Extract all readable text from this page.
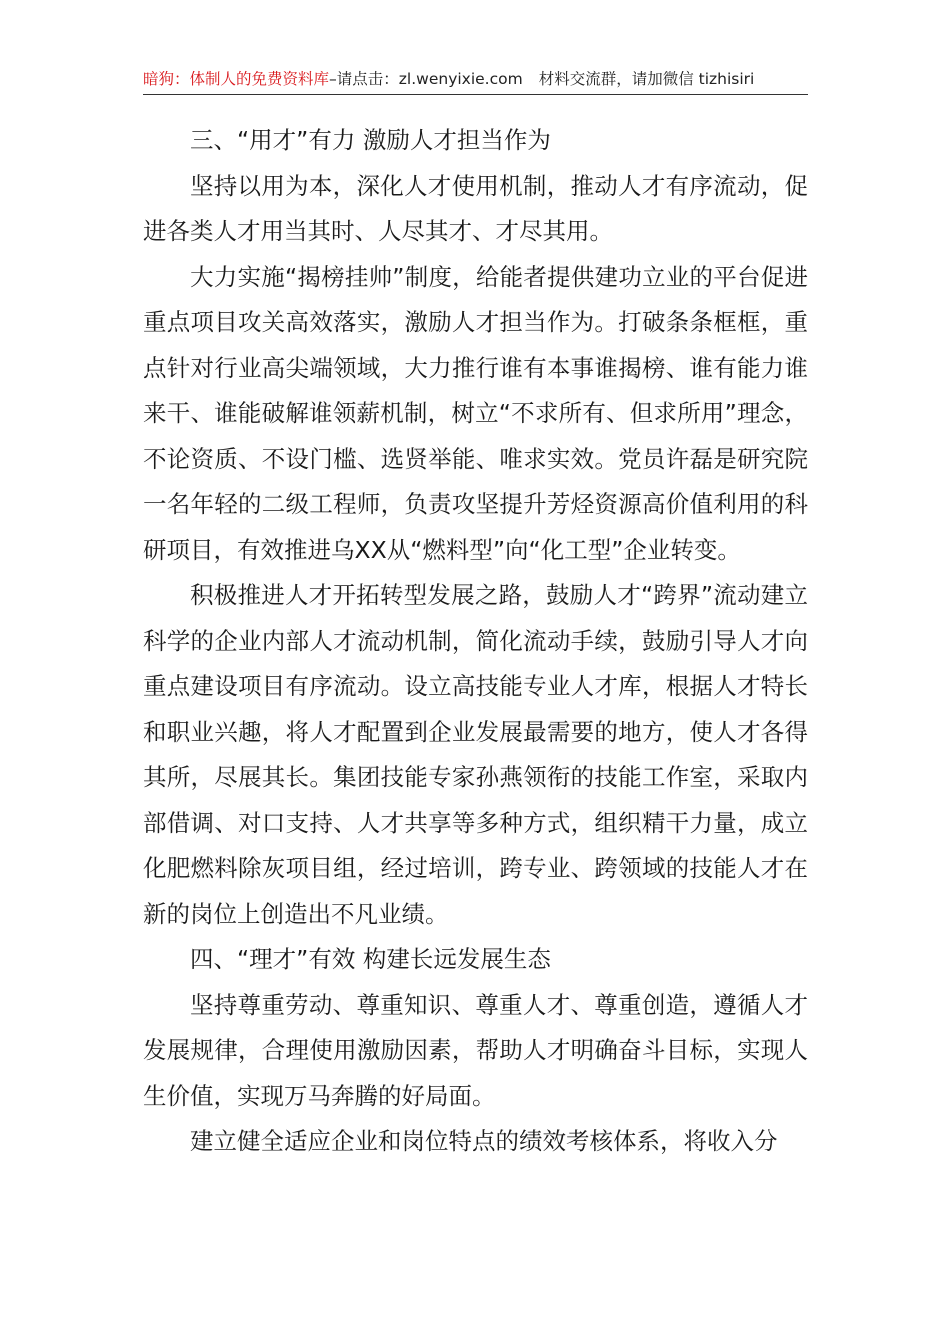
暗狗：体制人的免费资料库–请点击：zl.wenyixie.com 材料交流群，请加微信 tizhisiri

三、“用才”有力 激励人才担当作为

坚持以用为本，深化人才使用机制，推动人才有序流动，促进各类人才用当其时、人尽其才、才尽其用。

大力实施“揭榜挂帅”制度，给能者提供建功立业的平台促进重点项目攻关高效落实，激励人才担当作为。打破条条框框，重点针对行业高尖端领域，大力推行谁有本事谁揭榜、谁有能力谁来干、谁能破解谁领薪机制，树立“不求所有、但求所用”理念，不论资质、不设门槛、选贤举能、唯求实效。党员许磊是研究院一名年轻的二级工程师，负责攻坚提升芳烃资源高价值利用的科研项目，有效推进乌XX从“燃料型”向“化工型”企业转变。

积极推进人才开拓转型发展之路，鼓励人才“跨界”流动建立科学的企业内部人才流动机制，简化流动手续，鼓励引导人才向重点建设项目有序流动。设立高技能专业人才库，根据人才特长和职业兴趣，将人才配置到企业发展最需要的地方，使人才各得其所，尽展其长。集团技能专家孙燕领衔的技能工作室，采取内部借调、对口支持、人才共享等多种方式，组织精干力量，成立化肥燃料除灰项目组，经过培训，跨专业、跨领域的技能人才在新的岗位上创造出不凡业绩。

四、“理才”有效 构建长远发展生态

坚持尊重劳动、尊重知识、尊重人才、尊重创造，遵循人才发展规律，合理使用激励因素，帮助人才明确奋斗目标，实现人生价值，实现万马奔腾的好局面。

建立健全适应企业和岗位特点的绩效考核体系，将收入分
